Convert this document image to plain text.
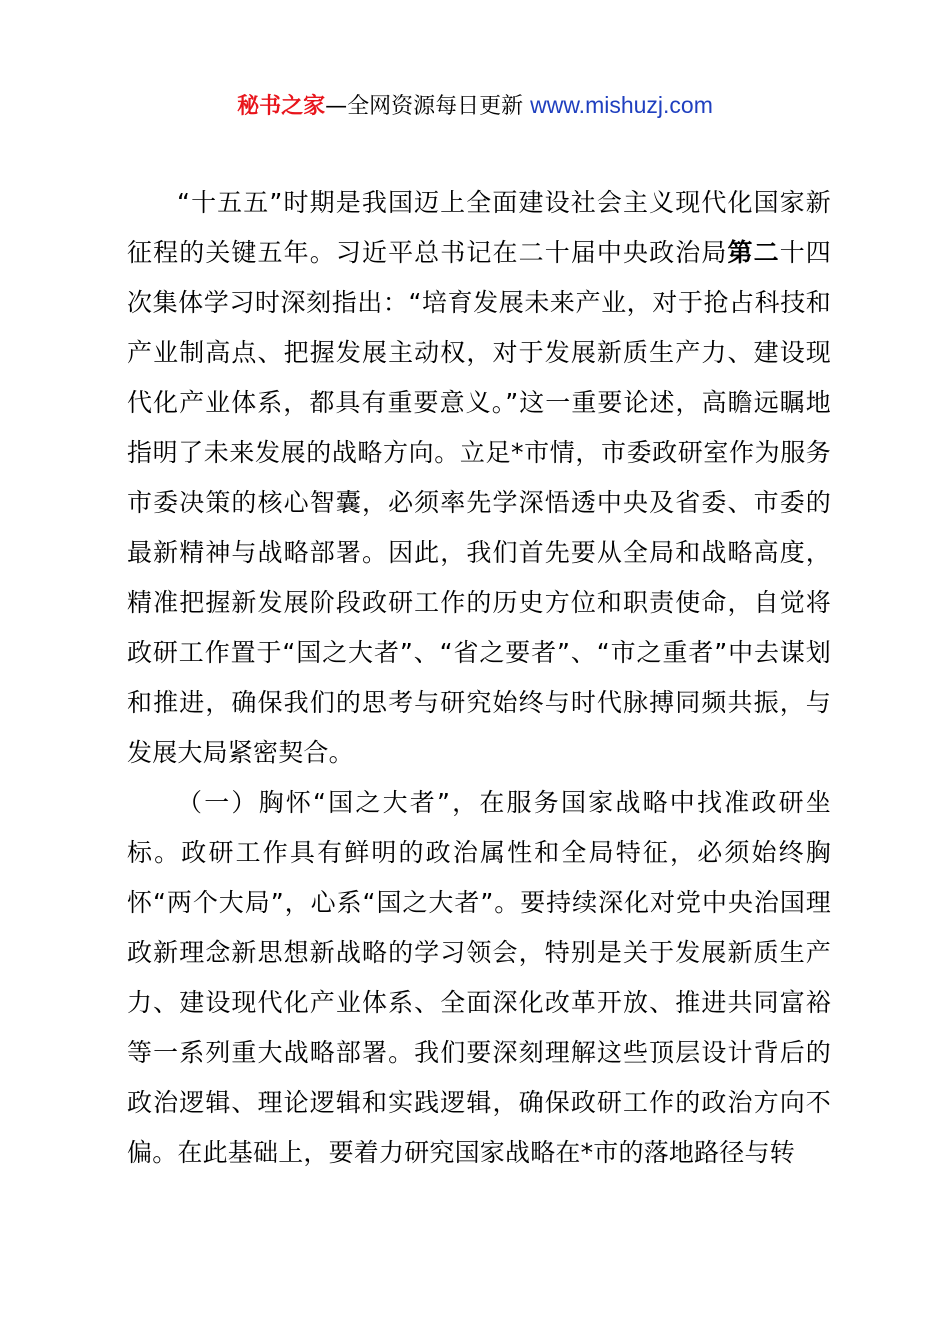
秘书之家—全网资源每日更新 www.mishuzj.com

“十五五”时期是我国迈上全面建设社会主义现代化国家新征程的关键五年。习近平总书记在二十届中央政治局第二十四次集体学习时深刻指出：“培育发展未来产业，对于抢占科技和产业制高点、把握发展主动权，对于发展新质生产力、建设现代化产业体系，都具有重要意义。”这一重要论述，高瞻远瞩地指明了未来发展的战略方向。立足*市情，市委政研室作为服务市委决策的核心智囊，必须率先学深悟透中央及省委、市委的最新精神与战略部署。因此，我们首先要从全局和战略高度，精准把握新发展阶段政研工作的历史方位和职责使命，自觉将政研工作置于“国之大者”、“省之要者”、“市之重者”中去谋划和推进，确保我们的思考与研究始终与时代脉搏同频共振，与发展大局紧密契合。

（一）胸怀“国之大者”，在服务国家战略中找准政研坐标。政研工作具有鲜明的政治属性和全局特征，必须始终胸怀“两个大局”，心系“国之大者”。要持续深化对党中央治国理政新理念新思想新战略的学习领会，特别是关于发展新质生产力、建设现代化产业体系、全面深化改革开放、推进共同富裕等一系列重大战略部署。我们要深刻理解这些顶层设计背后的政治逻辑、理论逻辑和实践逻辑，确保政研工作的政治方向不偏。在此基础上，要着力研究国家战略在*市的落地路径与转
